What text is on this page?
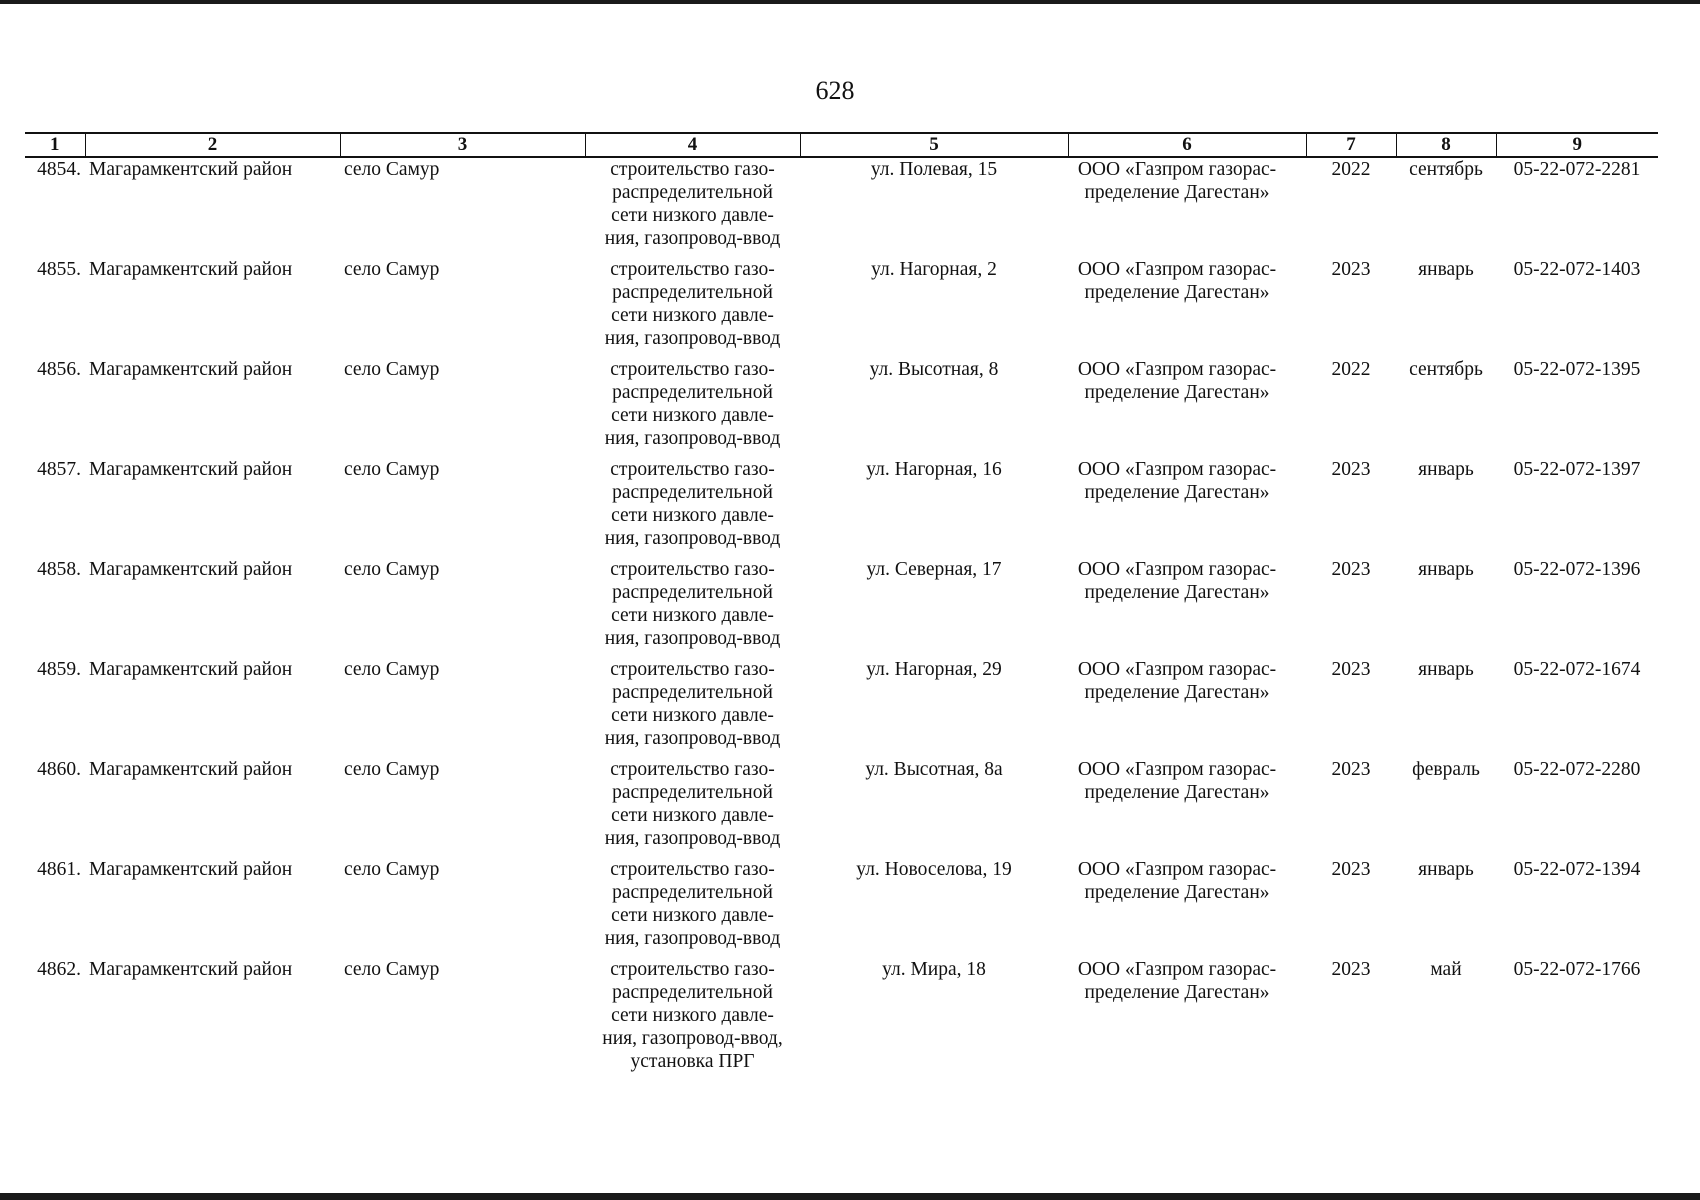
628
1	2	3	4	5	6	7	8	9
4854.	Магарамкентский район	село Самур	строительство газо-
распределительной
сети низкого давле-
ния, газопровод-ввод	ул. Полевая, 15	ООО «Газпром газорас-
пределение Дагестан»	2022	сентябрь	05-22-072-2281
4855.	Магарамкентский район	село Самур	строительство газо-
распределительной
сети низкого давле-
ния, газопровод-ввод	ул. Нагорная, 2	ООО «Газпром газорас-
пределение Дагестан»	2023	январь	05-22-072-1403
4856.	Магарамкентский район	село Самур	строительство газо-
распределительной
сети низкого давле-
ния, газопровод-ввод	ул. Высотная, 8	ООО «Газпром газорас-
пределение Дагестан»	2022	сентябрь	05-22-072-1395
4857.	Магарамкентский район	село Самур	строительство газо-
распределительной
сети низкого давле-
ния, газопровод-ввод	ул. Нагорная, 16	ООО «Газпром газорас-
пределение Дагестан»	2023	январь	05-22-072-1397
4858.	Магарамкентский район	село Самур	строительство газо-
распределительной
сети низкого давле-
ния, газопровод-ввод	ул. Северная, 17	ООО «Газпром газорас-
пределение Дагестан»	2023	январь	05-22-072-1396
4859.	Магарамкентский район	село Самур	строительство газо-
распределительной
сети низкого давле-
ния, газопровод-ввод	ул. Нагорная, 29	ООО «Газпром газорас-
пределение Дагестан»	2023	январь	05-22-072-1674
4860.	Магарамкентский район	село Самур	строительство газо-
распределительной
сети низкого давле-
ния, газопровод-ввод	ул. Высотная, 8а	ООО «Газпром газорас-
пределение Дагестан»	2023	февраль	05-22-072-2280
4861.	Магарамкентский район	село Самур	строительство газо-
распределительной
сети низкого давле-
ния, газопровод-ввод	ул. Новоселова, 19	ООО «Газпром газорас-
пределение Дагестан»	2023	январь	05-22-072-1394
4862.	Магарамкентский район	село Самур	строительство газо-
распределительной
сети низкого давле-
ния, газопровод-ввод,
установка ПРГ	ул. Мира, 18	ООО «Газпром газорас-
пределение Дагестан»	2023	май	05-22-072-1766
